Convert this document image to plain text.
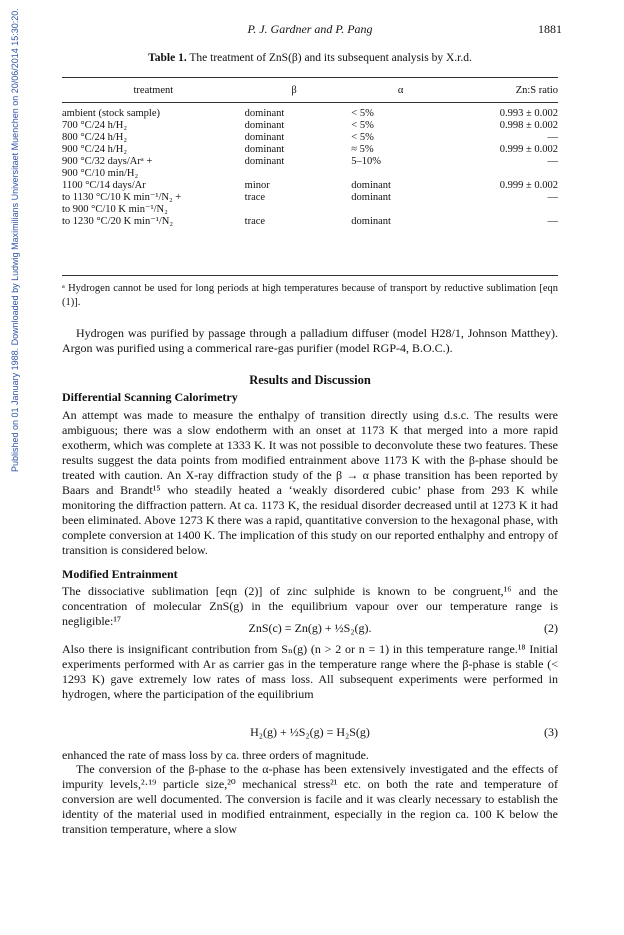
Published on 01 January 1988. Downloaded by Ludwig Maximilians Universitaet Muenchen on 20/06/2014 15:30:20.	P. J. Gardner and P. Pang	1881
Table 1. The treatment of ZnS(β) and its subsequent analysis by X.r.d.
treatment	β	α	Zn:S ratio

ambient (stock sample)	dominant	< 5%	0.993 ± 0.002
700 °C/24 h/H₂	dominant	< 5%	0.998 ± 0.002
800 °C/24 h/H₂	dominant	< 5%	—
900 °C/24 h/H₂	dominant	≈ 5%	0.999 ± 0.002
900 °C/32 days/Arᵃ +	dominant	5–10%	—
900 °C/10 min/H₂			
1100 °C/14 days/Ar	minor	dominant	0.999 ± 0.002
to 1130 °C/10 K min⁻¹/N₂ +	trace	dominant	—
to 900 °C/10 K min⁻¹/N₂			
to 1230 °C/20 K min⁻¹/N₂	trace	dominant	—
ᵃ Hydrogen cannot be used for long periods at high temperatures because of transport by reductive sublimation [eqn (1)].
Hydrogen was purified by passage through a palladium diffuser (model H28/1, Johnson Matthey). Argon was purified using a commerical rare-gas purifier (model RGP-4, B.O.C.).
Results and Discussion
Differential Scanning Calorimetry
An attempt was made to measure the enthalpy of transition directly using d.s.c. The results were ambiguous; there was a slow endotherm with an onset at 1173 K that merged into a more rapid exotherm, which was complete at 1333 K. It was not possible to deconvolute these two features. These results suggest the data points from modified entrainment above 1173 K with the β-phase should be treated with caution. An X-ray diffraction study of the β → α phase transition has been reported by Baars and Brandt¹⁵ who steadily heated a ‘weakly disordered cubic’ phase from 293 K while monitoring the diffraction pattern. At ca. 1173 K, the residual disorder decreased until at 1273 K it had been eliminated. Above 1273 K there was a rapid, quantitative conversion to the hexagonal phase, with complete conversion at 1400 K. The implication of this study on our reported enthalphy and entropy of transition is considered below.
Modified Entrainment
The dissociative sublimation [eqn (2)] of zinc sulphide is known to be congruent,¹⁶ and the concentration of molecular ZnS(g) in the equilibrium vapour over our temperature range is negligible:¹⁷	ZnS(c) = Zn(g) + ½S₂(g).	(2)
Also there is insignificant contribution from Sₙ(g) (n > 2 or n = 1) in this temperature range.¹⁸ Initial experiments performed with Ar as carrier gas in the temperature range where the β-phase is stable (< 1293 K) gave extremely low rates of mass loss. All subsequent experiments were performed in hydrogen, where the participation of the equilibrium
H₂(g) + ½S₂(g) = H₂S(g)	(3)
enhanced the rate of mass loss by ca. three orders of magnitude.
The conversion of the β-phase to the α-phase has been extensively investigated and the effects of impurity levels,²·¹⁹ particle size,²⁰ mechanical stress²¹ etc. on both the rate and temperature of conversion are well documented. The conversion is facile and it was clearly necessary to establish the identity of the material used in modified entrainment, especially in the region ca. 100 K below the transition temperature, where a slow
